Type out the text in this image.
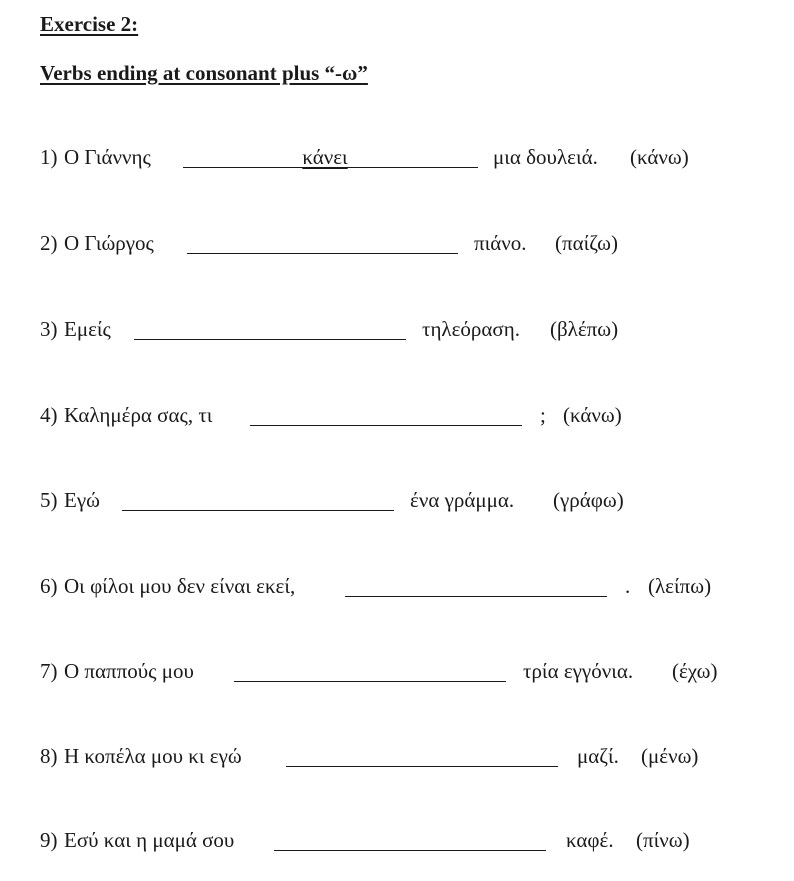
Exercise 2:
Verbs ending at consonant plus “-ω”
1) Ο Γιάννης	κάνει	μια δουλειά. (κάνω)
2) Ο Γιώργος	πιάνο. (παίζω)
3) Εμείς	τηλεόραση. (βλέπω)
4) Καλημέρα σας, τι	; (κάνω)
5) Εγώ	ένα γράμμα. (γράφω)
6) Οι φίλοι μου δεν είναι εκεί,	. (λείπω)
7) Ο παππούς μου	τρία εγγόνια. (έχω)
8) Η κοπέλα μου κι εγώ	μαζί. (μένω)
9) Εσύ και η μαμά σου	καφέ. (πίνω)
